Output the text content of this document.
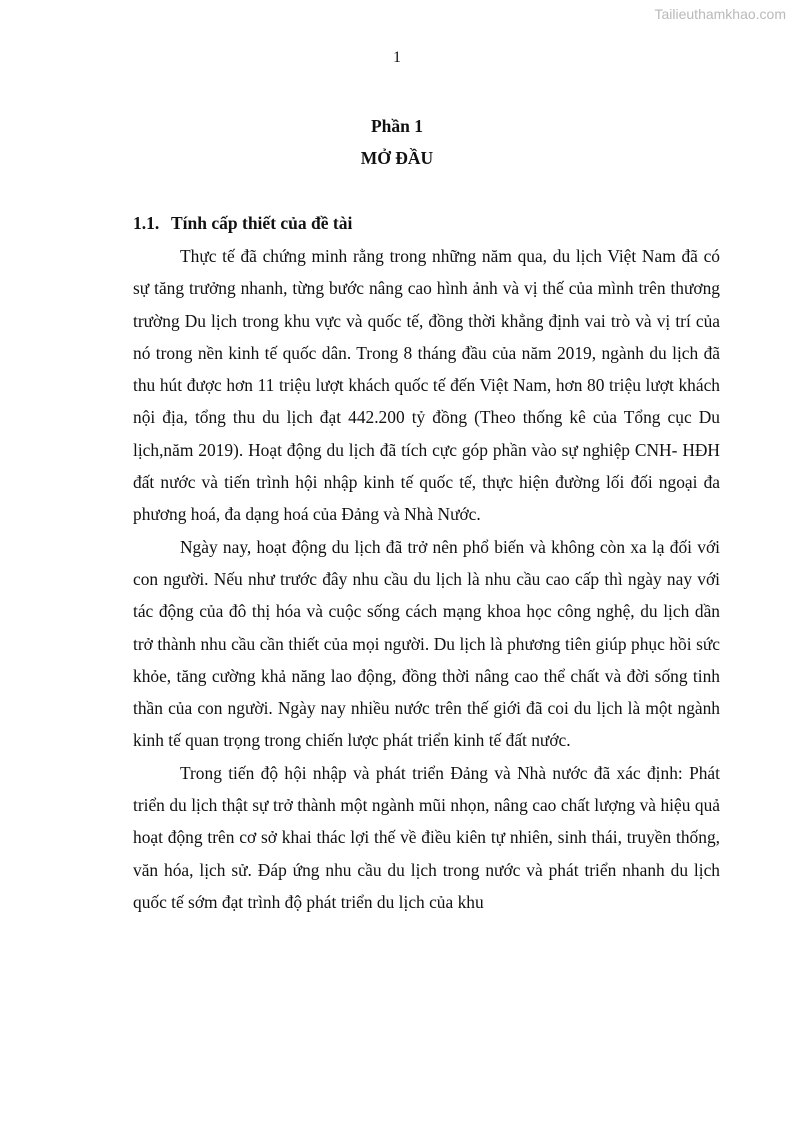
Tailieuthamkhao.com
1
Phần 1
MỞ ĐẦU
1.1. Tính cấp thiết của đề tài

Thực tế đã chứng minh rằng trong những năm qua, du lịch Việt Nam đã có sự tăng trưởng nhanh, từng bước nâng cao hình ảnh và vị thế của mình trên thương trường Du lịch trong khu vực và quốc tế, đồng thời khẳng định vai trò và vị trí của nó trong nền kinh tế quốc dân. Trong 8 tháng đầu của năm 2019, ngành du lịch đã thu hút được hơn 11 triệu lượt khách quốc tế đến Việt Nam, hơn 80 triệu lượt khách nội địa, tổng thu du lịch đạt 442.200 tỷ đồng (Theo thống kê của Tổng cục Du lịch,năm 2019). Hoạt động du lịch đã tích cực góp phần vào sự nghiệp CNH- HĐH đất nước và tiến trình hội nhập kinh tế quốc tế, thực hiện đường lối đối ngoại đa phương hoá, đa dạng hoá của Đảng và Nhà Nước.

Ngày nay, hoạt động du lịch đã trở nên phổ biến và không còn xa lạ đối với con người. Nếu như trước đây nhu cầu du lịch là nhu cầu cao cấp thì ngày nay với tác động của đô thị hóa và cuộc sống cách mạng khoa học công nghệ, du lịch dần trở thành nhu cầu cần thiết của mọi người. Du lịch là phương tiên giúp phục hồi sức khỏe, tăng cường khả năng lao động, đồng thời nâng cao thể chất và đời sống tinh thần của con người. Ngày nay nhiều nước trên thế giới đã coi du lịch là một ngành kinh tế quan trọng trong chiến lược phát triển kinh tế đất nước.

Trong tiến độ hội nhập và phát triển Đảng và Nhà nước đã xác định: Phát triển du lịch thật sự trở thành một ngành mũi nhọn, nâng cao chất lượng và hiệu quả hoạt động trên cơ sở khai thác lợi thế về điều kiên tự nhiên, sinh thái, truyền thống, văn hóa, lịch sử. Đáp ứng nhu cầu du lịch trong nước và phát triển nhanh du lịch quốc tế sớm đạt trình độ phát triển du lịch của khu
